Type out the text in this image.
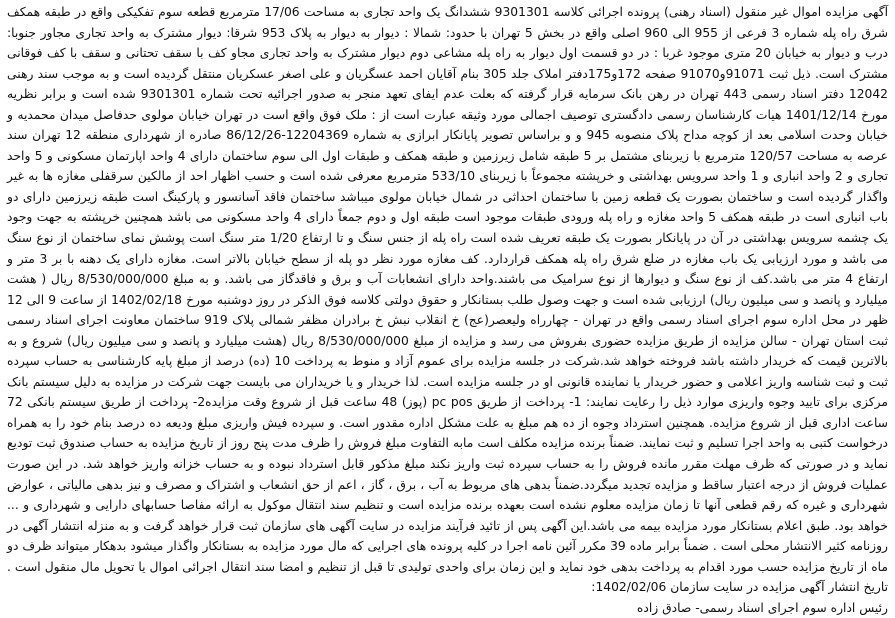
آگهی مزایده اموال غیر منقول (اسناد رهنی) پرونده اجرائی کلاسه 9301301 ششدانگ یک واحد تجاری به مساحت 17/06 مترمربع قطعه سوم تفکیکی واقع در طبقه همکف شرق راه پله شماره 3 فرعی از 955 الی 960 اصلی واقع در بخش 5 تهران با حدود: شمالا : دیوار به دیوار به پلاک 953 شرقا: دیوار مشترک به واحد تجاری مجاور جنوبا: درب و دیوار به خیابان 20 متری موجود غربا : در دو قسمت اول دیوار به راه پله مشاعی دوم دیوار مشترک به واحد تجاری مجاو کف با سقف تحتانی و سقف با کف فوقانی مشترک است. ذیل ثبت 91071و91070 صفحه 172و175دفتر املاک جلد 305 بنام آقایان احمد عسگریان و علی اصغر عسکریان منتقل گردیده است و به موجب سند رهنی 12042 دفتر اسناد رسمی 443 تهران در رهن بانک سرمایه قرار گرفته که بعلت عدم ایفای تعهد منجر به صدور اجرائیه تحت شماره 9301301 شده است و برابر نظریه مورخ 1401/12/14 هیات کارشناسان رسمی دادگستری توصیف اجمالی مورد وثیقه عبارت است از : ملک فوق واقع است در تهران خیابان مولوی حدفاصل میدان محمدیه و خیابان وحدت اسلامی بعد از کوچه مداح پلاک منصوبه 945 و و براساس تصویر پایانکار ابرازی به شماره 12204369-86/12/26 صادره از شهرداری منطقه 12 تهران سند عرصه به مساحت 120/57 مترمربع با زیربنای مشتمل بر 5 طبقه شامل زیرزمین و طبقه همکف و طبقات اول الی سوم ساختمان دارای 4 واحد اپارتمان مسکونی و 5 واحد تجاری و 2 واحد انباری و 1 واحد سرویس بهداشتی و خرپشته مجموعاً با زیربنای 533/10 مترمربع معرفی شده است و حسب اظهار احد از مالکین سرقفلی مغازه ها به غیر واگذار گردیده است و ساختمان بصورت یک قطعه زمین با ساختمان احداثی در شمال خیابان مولوی میباشد ساختمان فاقد آسانسور و پارکینگ است طبقه زیرزمین دارای دو باب انباری است در طبقه همکف 5 واحد مغازه و راه پله ورودی طبقات موجود است طبقه اول و دوم جمعاً دارای 4 واحد مسکونی می باشد همچنین خرپشته به جهت وجود یک چشمه سرویس بهداشتی در آن در پایانکار بصورت یک طبقه تعریف شده است راه پله از جنس سنگ و تا ارتفاع 1/20 متر سنگ است پوشش نمای ساختمان از نوع سنگ می باشد و مورد ارزیابی یک باب مغازه در ضلع شرق راه پله همکف قراردارد. کف مغازه مورد نظر دو پله از سطح خیابان بالاتر است. مغازه دارای یک دهنه با بر 3 متر و ارتفاع 4 متر می باشد.کف از نوع سنگ و دیوارها از نوع سرامیک می باشند.واحد دارای انشعابات آب و برق و فاقدگاز می باشد. و به مبلغ 8/530/000/000 ریال ( هشت میلیارد و پانصد و سی میلیون ریال) ارزیابی شده است و جهت وصول طلب بستانکار و حقوق دولتی کلاسه فوق الذکر در روز دوشنبه مورخ 1402/02/18 از ساعت 9 الی 12 ظهر در محل اداره سوم اجرای اسناد رسمی واقع در تهران - چهارراه ولیعصر(عج) خ انقلاب نبش خ برادران مظفر شمالی پلاک 919 ساختمان معاونت اجرای اسناد رسمی ثبت استان تهران - سالن مزایده از طریق مزایده حضوری بفروش می رسد و مزایده از مبلغ 8/530/000/000 ریال (هشت میلیارد و پانصد و سی میلیون ریال) شروع و به بالاترین قیمت که خریدار داشته باشد فروخته خواهد شد.شرکت در جلسه مزایده برای عموم آزاد و منوط به پرداخت 10 (ده) درصد از مبلغ پایه کارشناسی به حساب سپرده ثبت و ثبت شناسه واریز اعلامی و حضور خریدار یا نماینده قانونی او در جلسه مزایده است. لذا خریدار و یا خریداران می بایست جهت شرکت در مزایده به دلیل سیستم بانک مرکزی برای تایید وجوه واریزی موارد ذیل را رعایت نمایند: 1- پرداخت از طریق pc pos (پوز) 48 ساعت قبل از شروع وقت مزایده2- پرداخت از طریق سیستم بانکی 72 ساعت اداری قبل از شروع مزایده. همچنین استرداد وجوه از ده هم مبلغ به علت مشکل اداره مقدور است. و سپرده فیش واریزی مبلغ ودیعه ده درصد بنام خود را به همراه درخواست کتبی به واحد اجرا تسلیم و ثبت نمایند. ضمناً برنده مزایده مکلف است مابه التفاوت مبلغ فروش را ظرف مدت پنج روز از تاریخ مزایده به حساب صندوق ثبت تودیع نماید و در صورتی که ظرف مهلت مقرر مانده فروش را به حساب سپرده ثبت واریز نکند مبلغ مذکور قابل استرداد نبوده و به حساب خزانه واریز خواهد شد. در این صورت عملیات فروش از درجه اعتبار ساقط و مزایده تجدید میگردد.ضمناً بدهی های مربوط به آب ، برق ، گاز ، اعم از حق انشعاب و اشتراک و مصرف و نیز بدهی مالیاتی ، عوارض شهرداری و غیره که رقم قطعی آنها تا زمان مزایده معلوم نشده است بعهده برنده مزایده است و تنظیم سند انتقال موکول به ارائه مفاصا حسابهای دارایی و شهرداری و ... خواهد بود. طبق اعلام بستانکار مورد مزایده بیمه می باشد.این آگهی پس از تائید فرآیند مزایده در سایت آگهی های سازمان ثبت قرار خواهد گرفت و به منزله انتشار آگهی در روزنامه کثیر الانتشار محلی است . ضمناً برابر ماده 39 مکرر آئین نامه اجرا در کلیه پرونده های اجرایی که مال مورد مزایده به بستانکار واگذار میشود بدهکار میتواند ظرف دو ماه از تاریخ مزایده حسب مورد اقدام به پرداخت بدهی خود نماید و این زمان برای واحدی تولیدی تا قبل از تنظیم و امضا سند انتقال اجرائی اموال یا تحویل مال منقول است . تاریخ انتشار آگهی مزایده در سایت سازمان 1402/02/06:

رئیس اداره سوم اجرای اسناد رسمی- صادق زاده
